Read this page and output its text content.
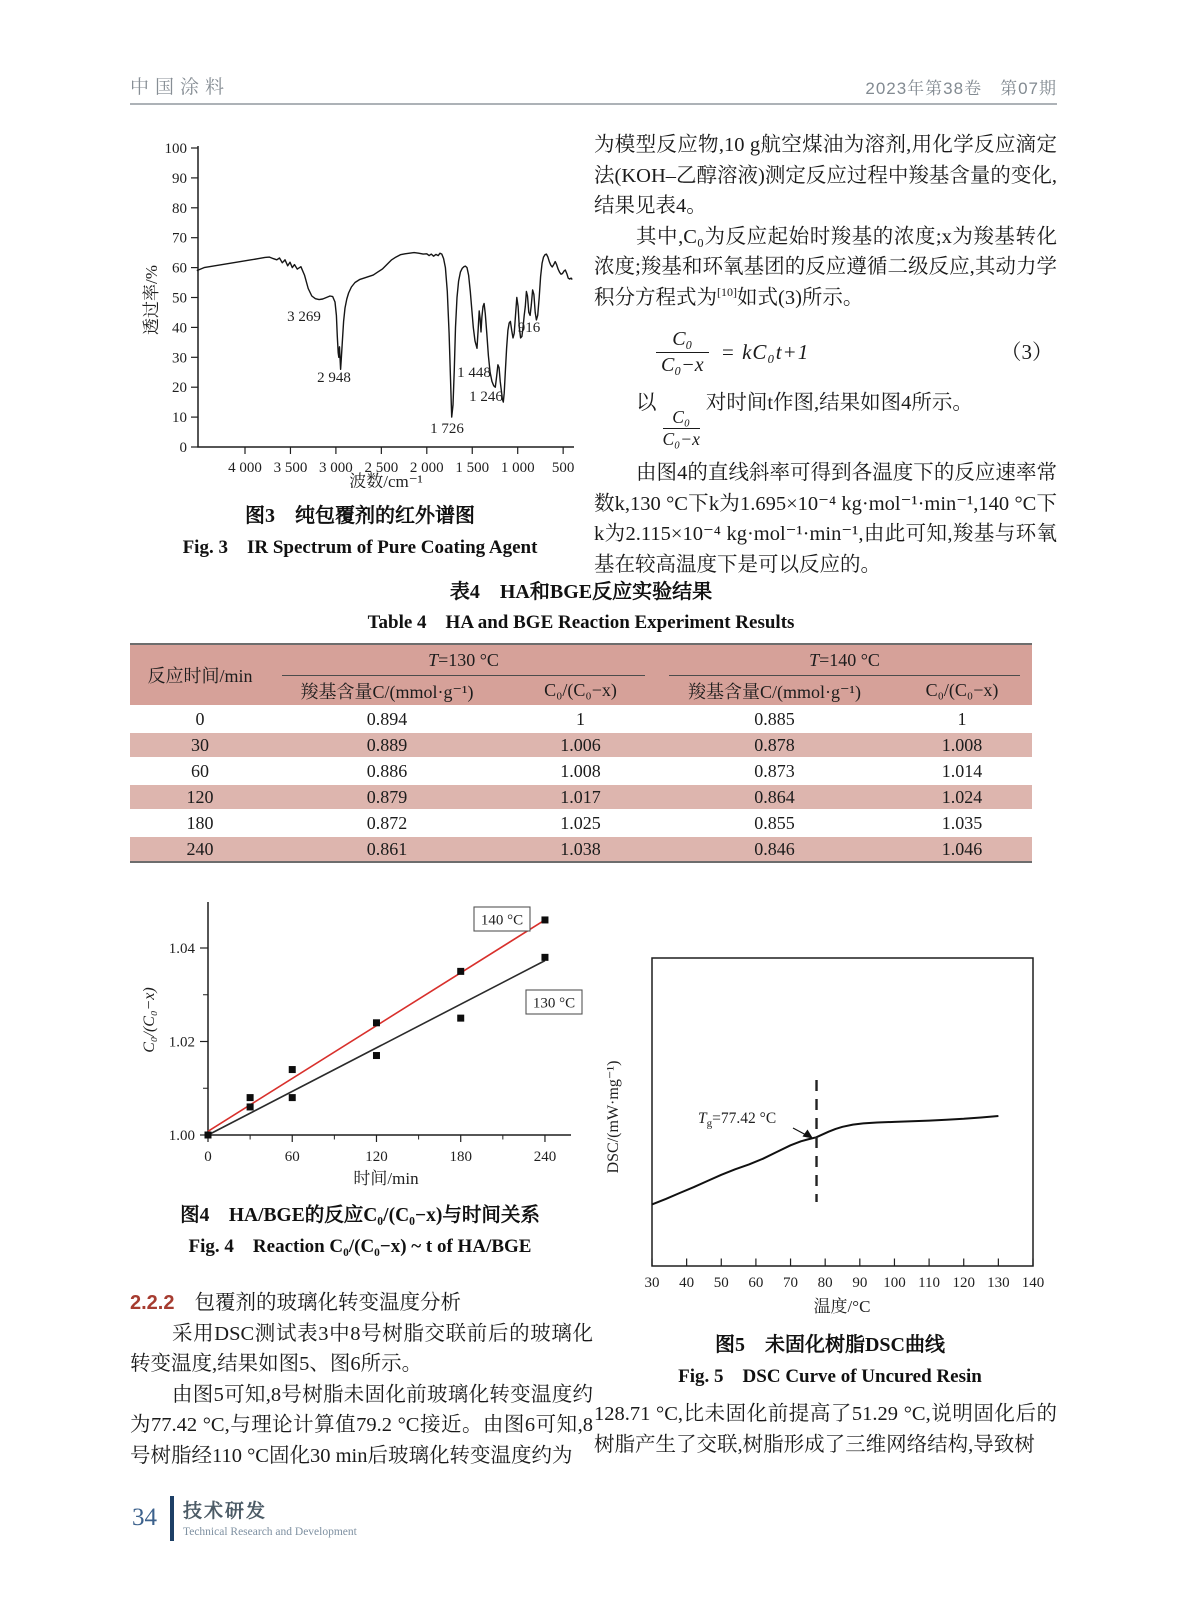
中国涂料	2023年第38卷　第07期
0
10
20
30
40
50
60
70
80
90
100
4 000 3 500 3 000 2 500 2 000 1 500 1 000 500
波数/cm⁻¹
透过率/%	3 269
2 948
1 726
1 448
1 246
916
图3　纯包覆剂的红外谱图
Fig. 3　IR Spectrum of Pure Coating Agent

为模型反应物,10 g航空煤油为溶剂,用化学反应滴定法(KOH–乙醇溶液)测定反应过程中羧基含量的变化,结果见表4。

其中,C₀为反应起始时羧基的浓度;x为羧基转化浓度;羧基和环氧基团的反应遵循二级反应,其动力学积分方程式为[10]如式(3)所示。

$\frac{\text{C₀}}{\text{C₀−x}} = kC_0t+1$	（3）

以
$\frac{\text{C₀}}{\text{C₀−x}}$
对时间t作图,结果如图4所示。

由图4的直线斜率可得到各温度下的反应速率常数k,130 °C下k为1.695×10⁻⁴ kg·mol⁻¹·min⁻¹,140 °C下k为2.115×10⁻⁴ kg·mol⁻¹·min⁻¹,由此可知,羧基与环氧基在较高温度下是可以反应的。

表4　HA和BGE反应实验结果
Table 4　HA and BGE Reaction Experiment Results
反应时间/min	T=130 °C		T=140 °C	

	羧基含量C/(mmol·g⁻¹)	C₀/(C₀−x)	羧基含量C/(mmol·g⁻¹)	C₀/(C₀−x)
0	0.894	1	0.885	1
30	0.889	1.006	0.878	1.008
60	0.886	1.008	0.873	1.014
120	0.879	1.017	0.864	1.024
180	0.872	1.025	0.855	1.035
240	0.861	1.038	0.846	1.046
1.00
1.02
1.04
0	60	120	180	240
时间/min
C₀/(C₀−x)
140 °C
130 °C
图4　HA/BGE的反应C₀/(C₀−x)与时间关系
Fig. 4　Reaction C₀/(C₀−x) ~ t of HA/BGE

2.2.2 包覆剂的玻璃化转变温度分析

采用DSC测试表3中8号树脂交联前后的玻璃化转变温度,结果如图5、图6所示。

由图5可知,8号树脂未固化前玻璃化转变温度约为77.42 °C,与理论计算值79.2 °C接近。由图6可知,8号树脂经110 °C固化30 min后玻璃化转变温度约为

30 40 50 60 70 80 90 100 110 120 130 140
温度/°C
DSC/(mW·mg⁻¹)	$T_g=77.42$ °C
图5　未固化树脂DSC曲线
Fig. 5　DSC Curve of Uncured Resin

128.71 °C,比未固化前提高了51.29 °C,说明固化后的树脂产生了交联,树脂形成了三维网络结构,导致树

34 技术研发
Technical Research and Development
